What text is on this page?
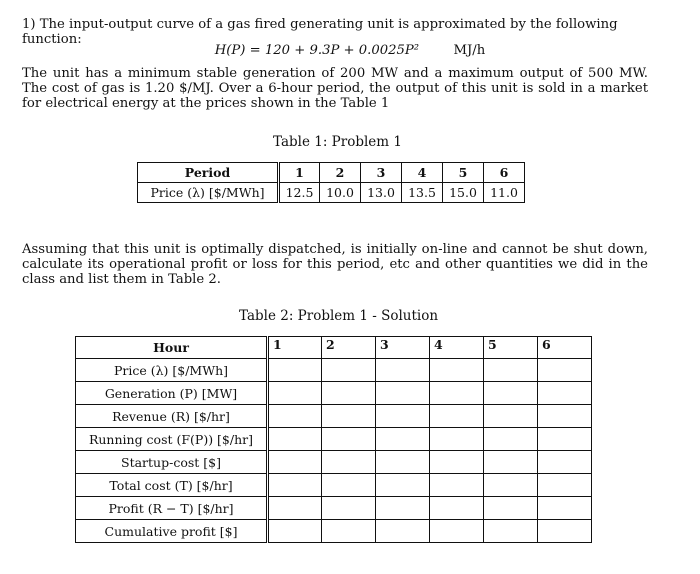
1) The input-output curve of a gas fired generating unit is approximated by the following function:
H(P) = 120 + 9.3P + 0.0025P²	MJ/h
The unit has a minimum stable generation of 200 MW and a maximum output of 500 MW. The cost of gas is 1.20 $/MJ. Over a 6-hour period, the output of this unit is sold in a market for electrical energy at the prices shown in the Table 1
Table 1: Problem 1
Period	1	2	3	4	5	6
Price (λ) [$/MWh]	12.5	10.0	13.0	13.5	15.0	11.0
Assuming that this unit is optimally dispatched, is initially on-line and cannot be shut down, calculate its operational profit or loss for this period, etc and other quantities we did in the class and list them in Table 2.
Table 2: Problem 1 - Solution
Hour	1	2	3	4	5	6
Price (λ) [$/MWh]						
Generation (P) [MW]						
Revenue (R) [$/hr]						
Running cost (F(P)) [$/hr]						
Startup-cost [$]						
Total cost (T) [$/hr]						
Profit (R − T) [$/hr]						
Cumulative profit [$]						
